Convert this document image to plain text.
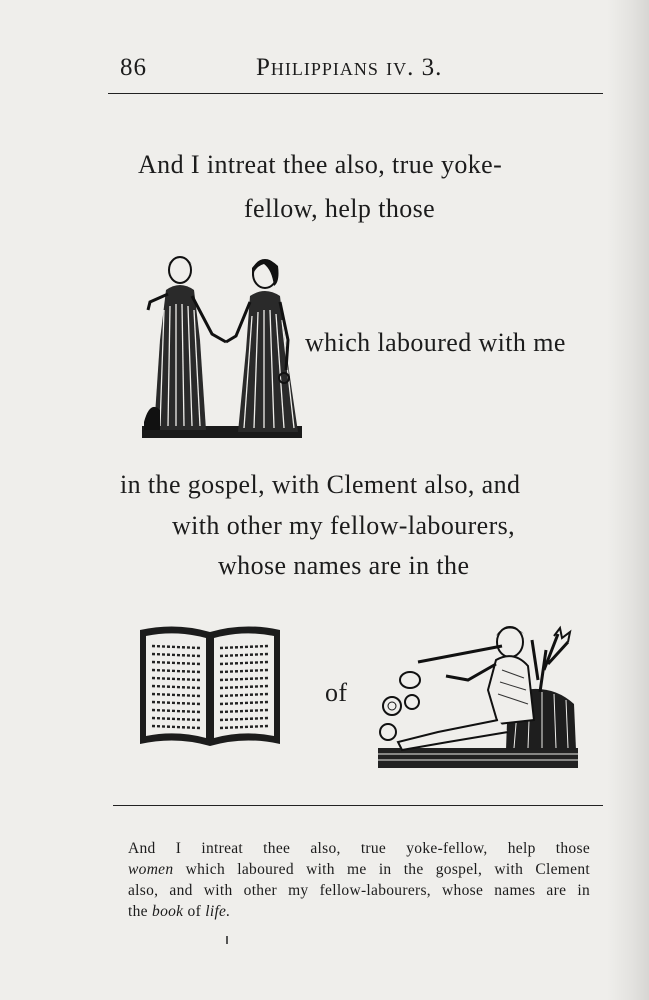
86	Philippians iv. 3.
And I intreat thee also, true yoke-
fellow, help those
which laboured with me
in the gospel, with Clement also, and
with other my fellow-labourers,
whose names are in the
of

And I intreat thee also, true yoke-fellow, help those
women which laboured with me in the gospel, with Clement
also, and with other my fellow-labourers, whose names are in
the book of life.
